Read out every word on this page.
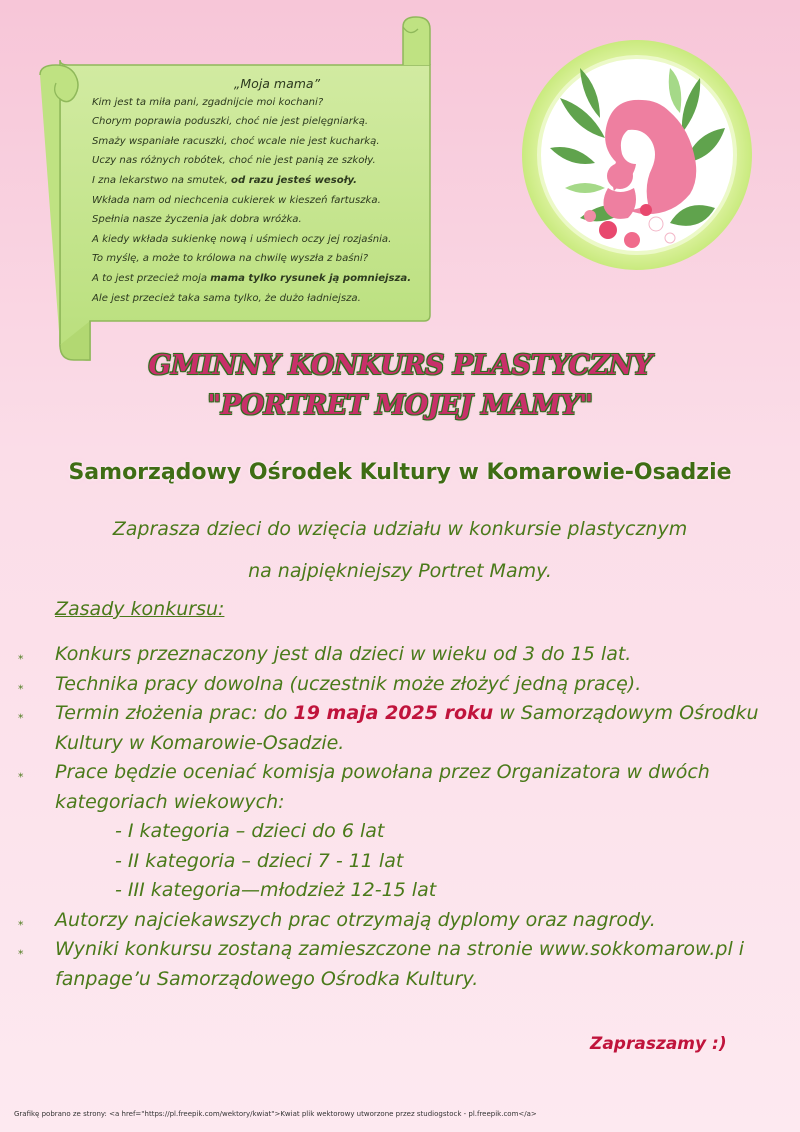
„Moja mama”
Kim jest ta miła pani, zgadnijcie moi kochani?
Chorym poprawia poduszki, choć nie jest pielęgniarką.
Smaży wspaniałe racuszki, choć wcale nie jest kucharką.
Uczy nas różnych robótek, choć nie jest panią ze szkoły.
I zna lekarstwo na smutek, od razu jesteś wesoły.
Wkłada nam od niechcenia cukierek w kieszeń fartuszka.
Spełnia nasze życzenia jak dobra wróżka.
A kiedy wkłada sukienkę nową i uśmiech oczy jej rozjaśnia.
To myślę, a może to królowa na chwilę wyszła z baśni?
A to jest przecież moja mama tylko rysunek ją pomniejsza.
Ale jest przecież taka sama tylko, że dużo ładniejsza.
GMINNY KONKURS PLASTYCZNY
"PORTRET MOJEJ MAMY"
Samorządowy Ośrodek Kultury w Komarowie-Osadzie
Zaprasza dzieci do wzięcia udziału w konkursie plastycznym
na najpiękniejszy Portret Mamy.
Zasady konkursu:
⁎ Konkurs przeznaczony jest dla dzieci w wieku od 3 do 15 lat.
⁎ Technika pracy dowolna (uczestnik może złożyć jedną pracę).
⁎ Termin złożenia prac: do 19 maja 2025 roku w Samorządowym Ośrodku Kultury w Komarowie-Osadzie.
⁎ Prace będzie oceniać komisja powołana przez Organizatora w dwóch kategoriach wiekowych:
- I kategoria – dzieci do 6 lat
- II kategoria – dzieci 7 - 11 lat
- III kategoria—młodzież 12-15 lat
⁎ Autorzy najciekawszych prac otrzymają dyplomy oraz nagrody.
⁎ Wyniki konkursu zostaną zamieszczone na stronie www.sokkomarow.pl i fanpage’u Samorządowego Ośrodka Kultury.
Zapraszamy :)
Grafikę pobrano ze strony: <a href="https://pl.freepik.com/wektory/kwiat">Kwiat plik wektorowy utworzone przez studiogstock - pl.freepik.com</a>
